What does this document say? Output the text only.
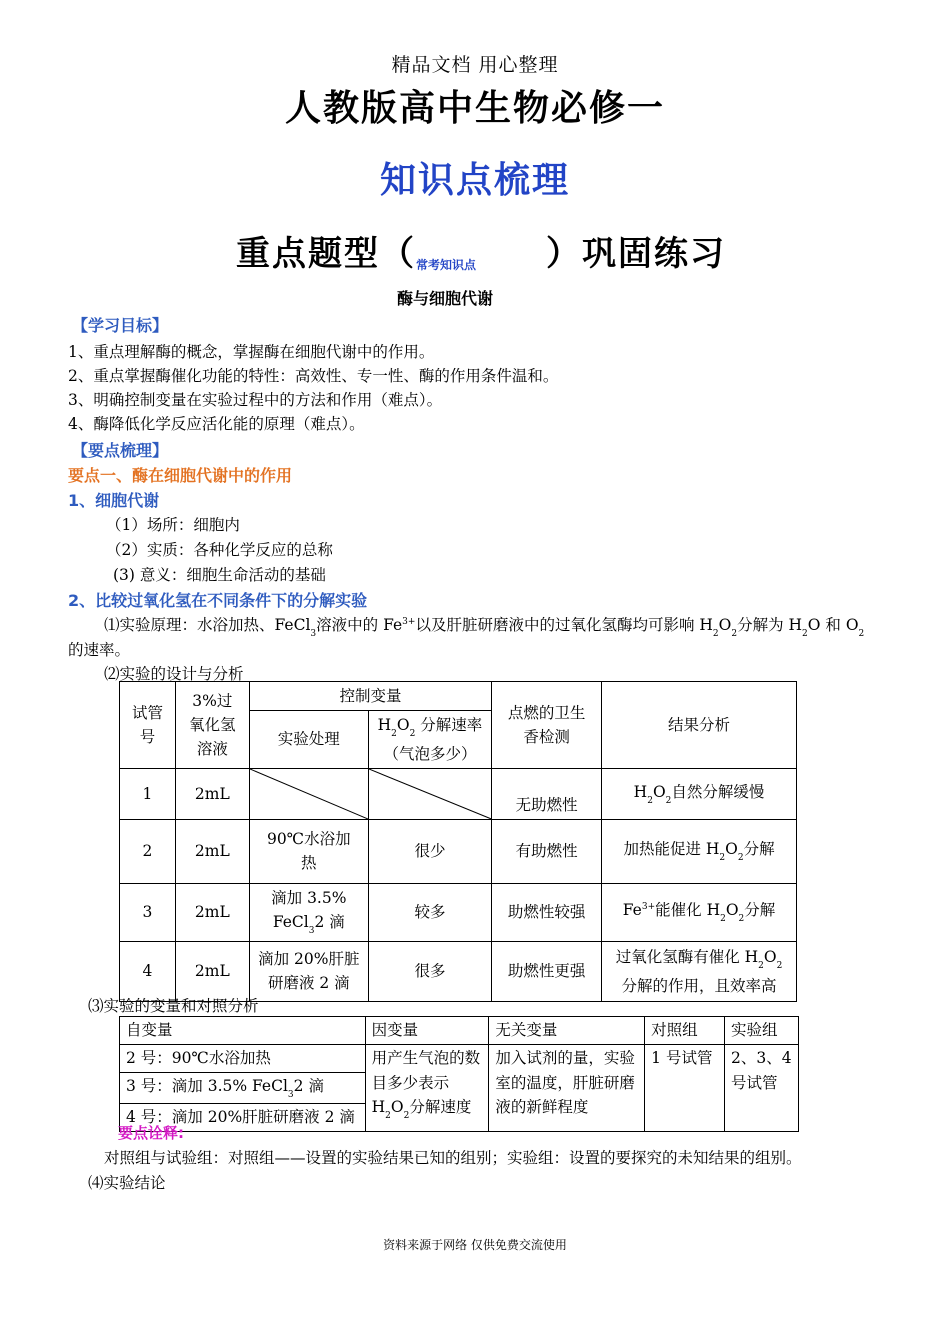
精品文档 用心整理
人教版高中生物必修一
知识点梳理
重点题型（常考知识点 ）巩固练习
酶与细胞代谢
【学习目标】
1、重点理解酶的概念，掌握酶在细胞代谢中的作用。
2、重点掌握酶催化功能的特性：高效性、专一性、酶的作用条件温和。
3、明确控制变量在实验过程中的方法和作用（难点）。
4、酶降低化学反应活化能的原理（难点）。
【要点梳理】
要点一、酶在细胞代谢中的作用
1、细胞代谢
（1）场所：细胞内
（2）实质：各种化学反应的总称
(3) 意义：细胞生命活动的基础
2、比较过氧化氢在不同条件下的分解实验
⑴实验原理：水浴加热、FeCl$_3$溶液中的 $Fe^{3+}$以及肝脏研磨液中的过氧化氢酶均可影响 $H_2O_2$分解为 $H_2O$ 和 $O_2$
的速率。
⑵实验的设计与分析
试管号	3%过氧化氢溶液	控制变量		点燃的卫生香检测	结果分析
		实验处理	$H_2O_2$ 分解速率
（气泡多少）		
1	2mL			无助燃性	$H_2O_2$自然分解缓慢
2	2mL	90℃水浴加热	很少	有助燃性	加热能促进 $H_2O_2$分解
3	2mL	滴加 3.5%
FeCl$_3$2 滴	较多	助燃性较强	$Fe^{3+}$能催化 $H_2O_2$分解
4	2mL	滴加 20%肝脏研磨液 2 滴	很多	助燃性更强	过氧化氢酶有催化 $H_2O_2$
分解的作用，且效率高
⑶实验的变量和对照分析
自变量	因变量	无关变量	对照组	实验组
2 号：90℃水浴加热	用产生气泡的数目多少表示 $H_2O_2$分解速度	加入试剂的量，实验室的温度，肝脏研磨液的新鲜程度	1 号试管	2、3、4 号试管
3 号：滴加 3.5% FeCl$_3$2 滴				
4 号：滴加 20%肝脏研磨液 2 滴				
要点诠释:
对照组与试验组：对照组——设置的实验结果已知的组别；实验组：设置的要探究的未知结果的组别。
⑷实验结论
资料来源于网络 仅供免费交流使用
